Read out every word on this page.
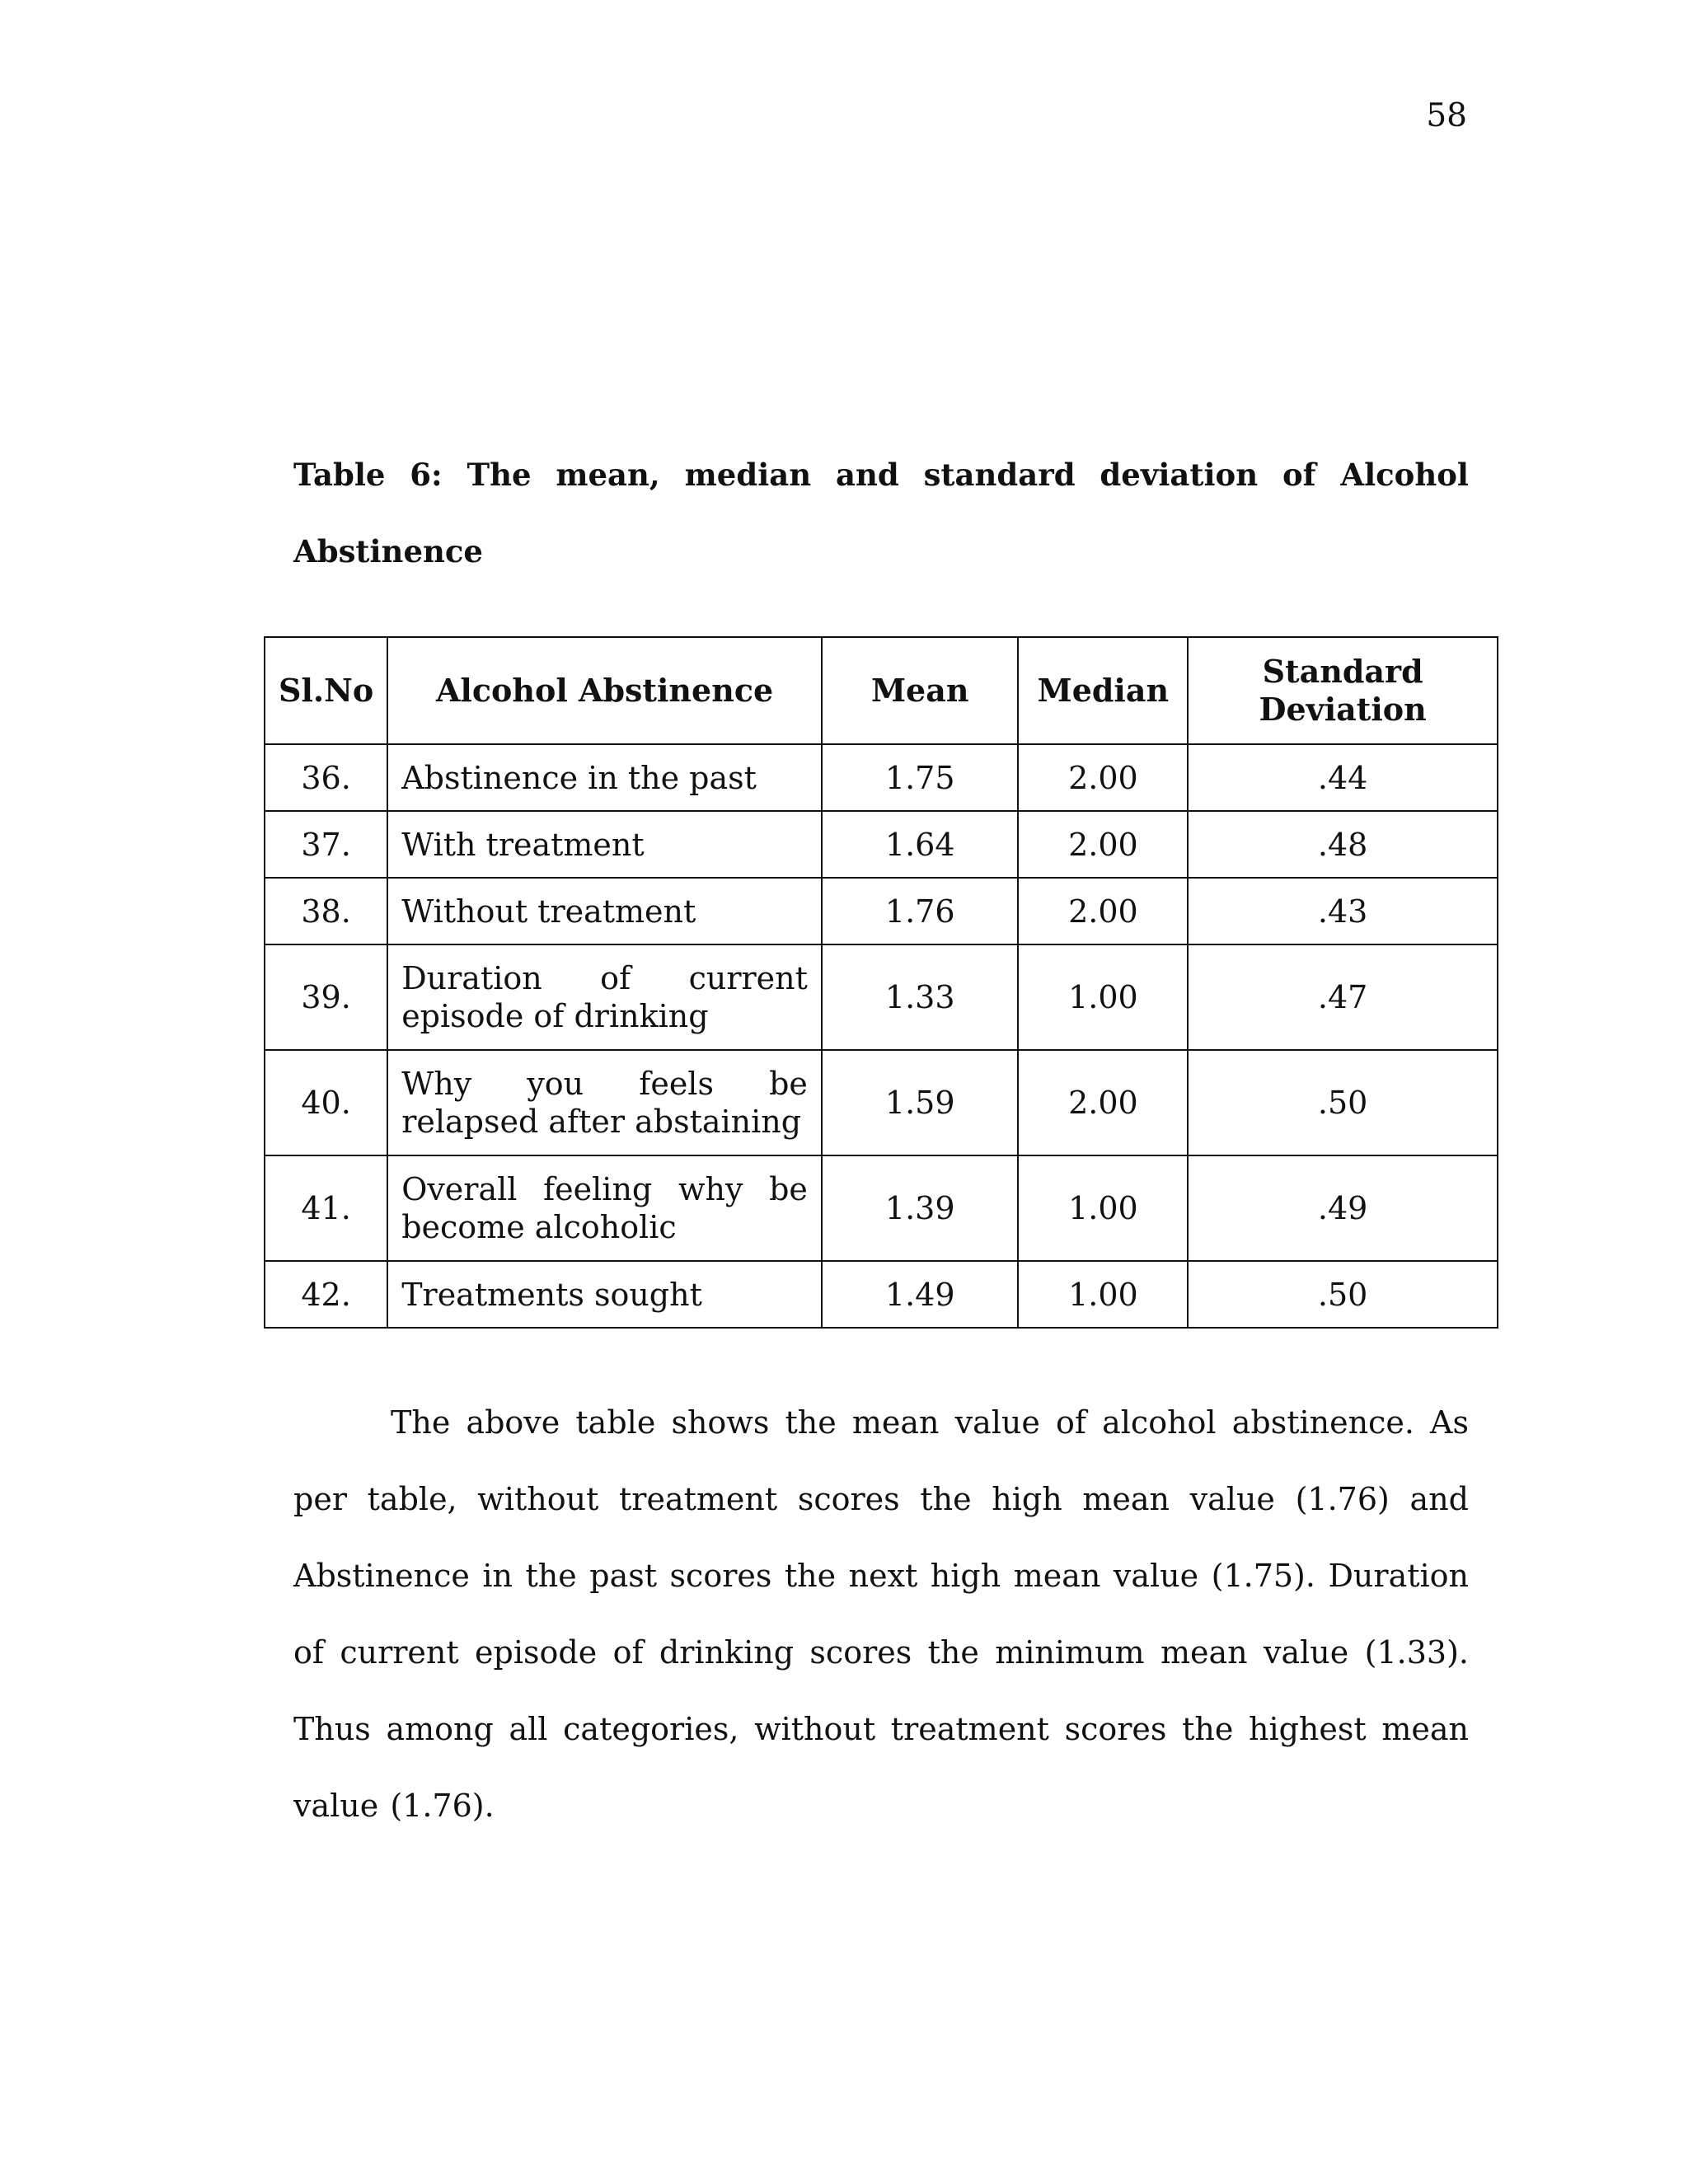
58
Table 6: The mean, median and standard deviation of Alcohol
Abstinence
Sl.No	Alcohol Abstinence	Mean	Median	Standard
Deviation
36.	Abstinence in the past	1.75	2.00	.44
37.	With treatment	1.64	2.00	.48
38.	Without treatment	1.76	2.00	.43
39.	Duration of current episode of drinking	1.33	1.00	.47
40.	Why you feels be relapsed after abstaining	1.59	2.00	.50
41.	Overall feeling why be become alcoholic	1.39	1.00	.49
42.	Treatments sought	1.49	1.00	.50

The above table shows the mean value of alcohol abstinence. As per table, without treatment scores the high mean value (1.76) and Abstinence in the past scores the next high mean value (1.75). Duration of current episode of drinking scores the minimum mean value (1.33). Thus among all categories, without treatment scores the highest mean value (1.76).
